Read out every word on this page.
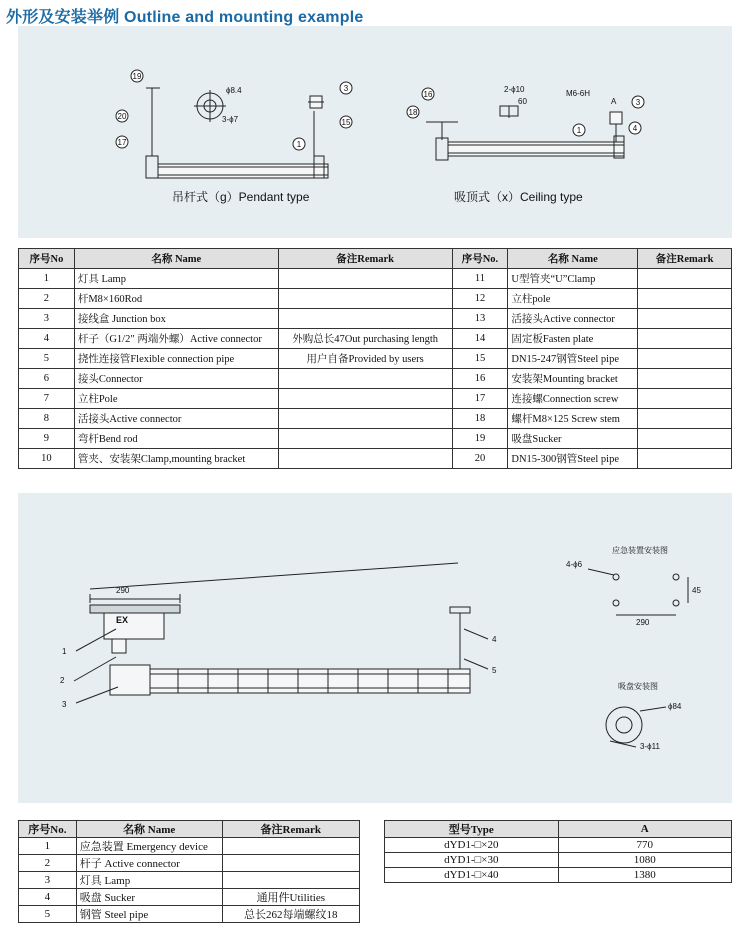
外形及安装举例 Outline and mounting example
ϕ8.4
3-ϕ7
19
20
17	1
3
15
2-ϕ10
60
M6-6H
A
16
18
1
3
4
吊杆式（g）Pendant type	吸顶式（x）Ceiling type
序号No	名称 Name	备注Remark	序号No.	名称 Name	备注Remark
1	灯具 Lamp		11	U型管夹“U”Clamp	
2	杆M8×160Rod		12	立柱pole	
3	接线盒 Junction box		13	活接头Active connector	
4	杆子（G1/2″ 两端外螺）Active connector	外购总长47Out purchasing length	14	固定板Fasten plate	
5	挠性连接管Flexible connection pipe	用户自备Provided by users	15	DN15-247钢管Steel pipe	
6	接头Connector		16	安装架Mounting bracket	
7	立柱Pole		17	连接螺Connection screw	
8	活接头Active connector		18	螺杆M8×125 Screw stem	
9	弯杆Bend rod		19	吸盘Sucker	
10	管夹、安装架Clamp,mounting bracket		20	DN15-300钢管Steel pipe	
290
EX
1
2
3
4
5
应急装置安装图
4-ϕ6
290
45
吸盘安装图
ϕ84
3-ϕ11
序号No.	名称 Name	备注Remark
1	应急装置 Emergency device	
2	杆子 Active connector	
3	灯具 Lamp	
4	吸盘 Sucker	通用件Utilities
5	钢管 Steel pipe	总长262每端螺纹18
型号Type	A
dYD1-□×20	770
dYD1-□×30	1080
dYD1-□×40	1380
